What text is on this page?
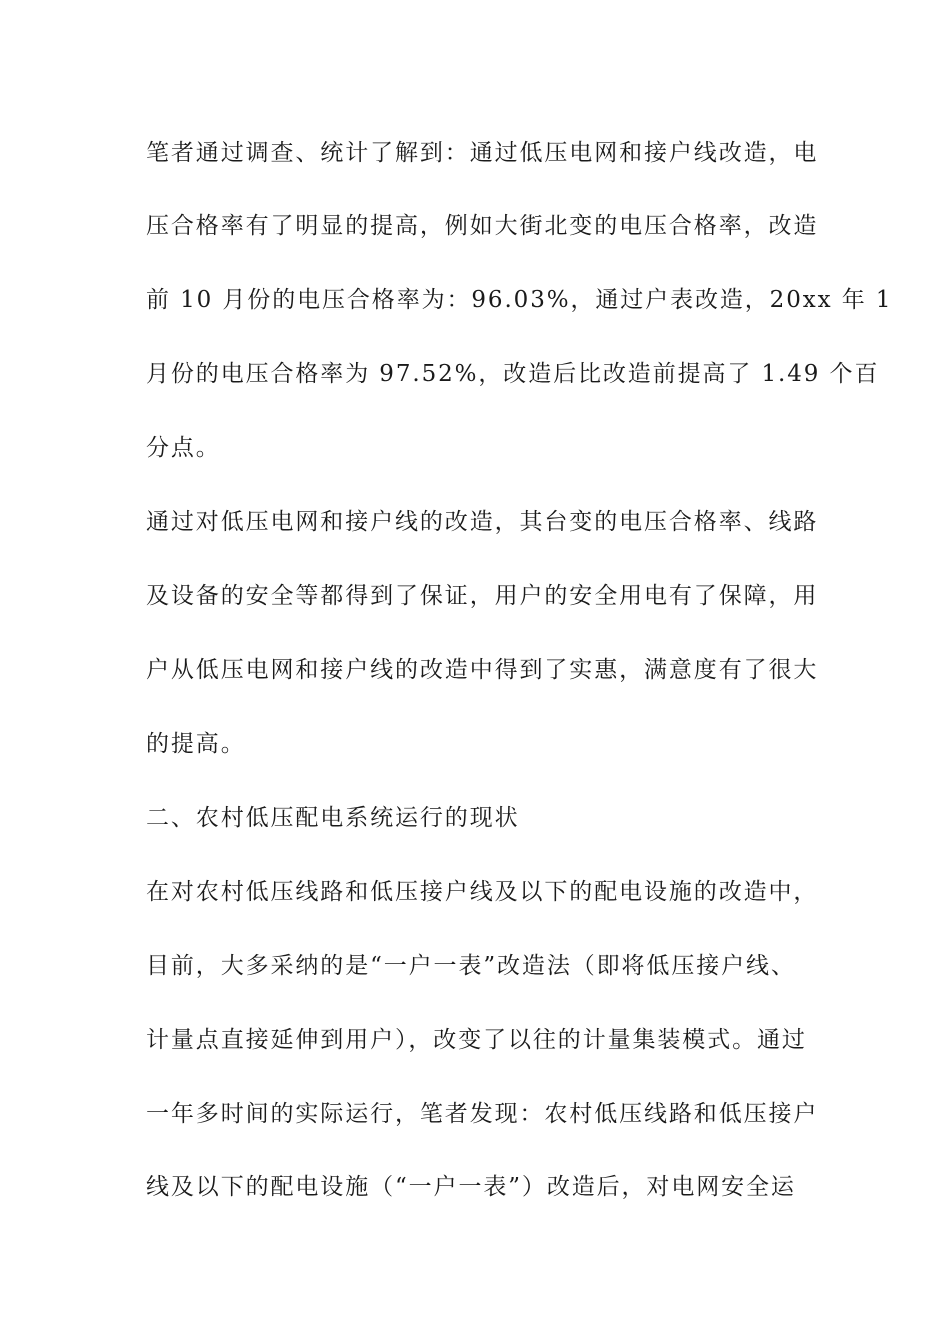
笔者通过调查、统计了解到：通过低压电网和接户线改造，电
压合格率有了明显的提高，例如大街北变的电压合格率，改造
前 10 月份的电压合格率为：96.03%，通过户表改造，20xx 年 1
月份的电压合格率为 97.52%，改造后比改造前提高了 1.49 个百
分点。
通过对低压电网和接户线的改造，其台变的电压合格率、线路
及设备的安全等都得到了保证，用户的安全用电有了保障，用
户从低压电网和接户线的改造中得到了实惠，满意度有了很大
的提高。
二、农村低压配电系统运行的现状
在对农村低压线路和低压接户线及以下的配电设施的改造中，
目前，大多采纳的是“一户一表”改造法（即将低压接户线、
计量点直接延伸到用户），改变了以往的计量集装模式。通过
一年多时间的实际运行，笔者发现：农村低压线路和低压接户
线及以下的配电设施（“一户一表”）改造后，对电网安全运
